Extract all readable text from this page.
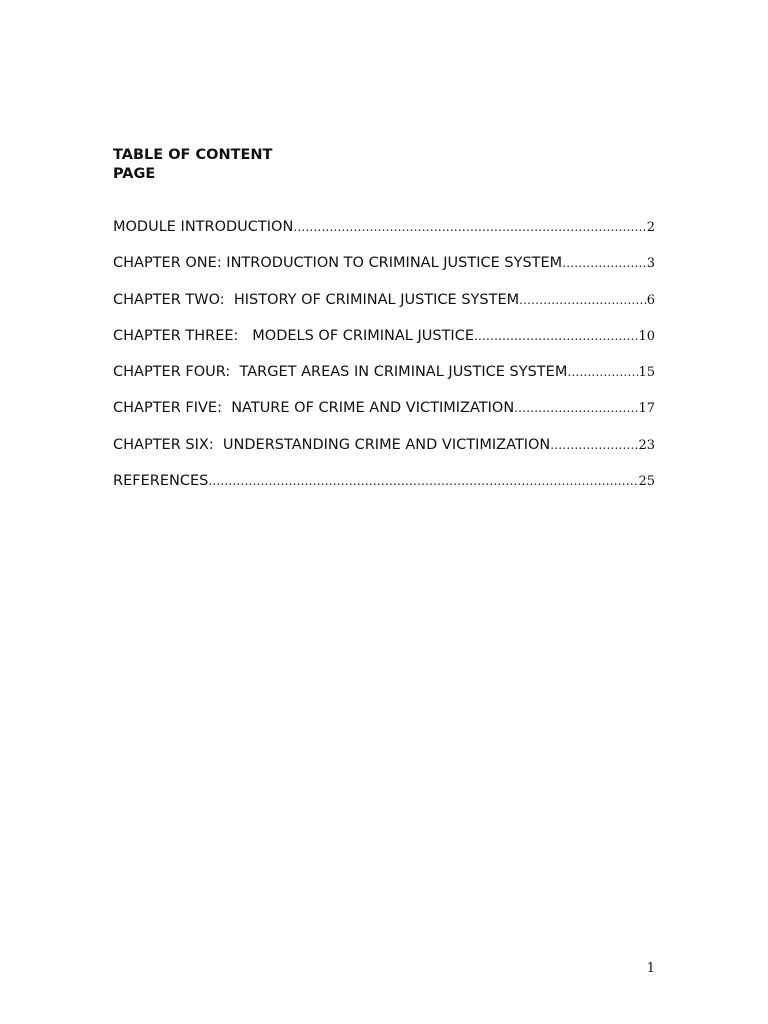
TABLE OF CONTENT
PAGE
MODULE INTRODUCTION .....	2
CHAPTER ONE: INTRODUCTION TO CRIMINAL JUSTICE SYSTEM .....	3
CHAPTER TWO:  HISTORY OF CRIMINAL JUSTICE SYSTEM .....	6
CHAPTER THREE:   MODELS OF CRIMINAL JUSTICE .....	10
CHAPTER FOUR:  TARGET AREAS IN CRIMINAL JUSTICE SYSTEM .....	15
CHAPTER FIVE:  NATURE OF CRIME AND VICTIMIZATION .....	17
CHAPTER SIX:  UNDERSTANDING CRIME AND VICTIMIZATION .....	23
REFERENCES .....	25
1
